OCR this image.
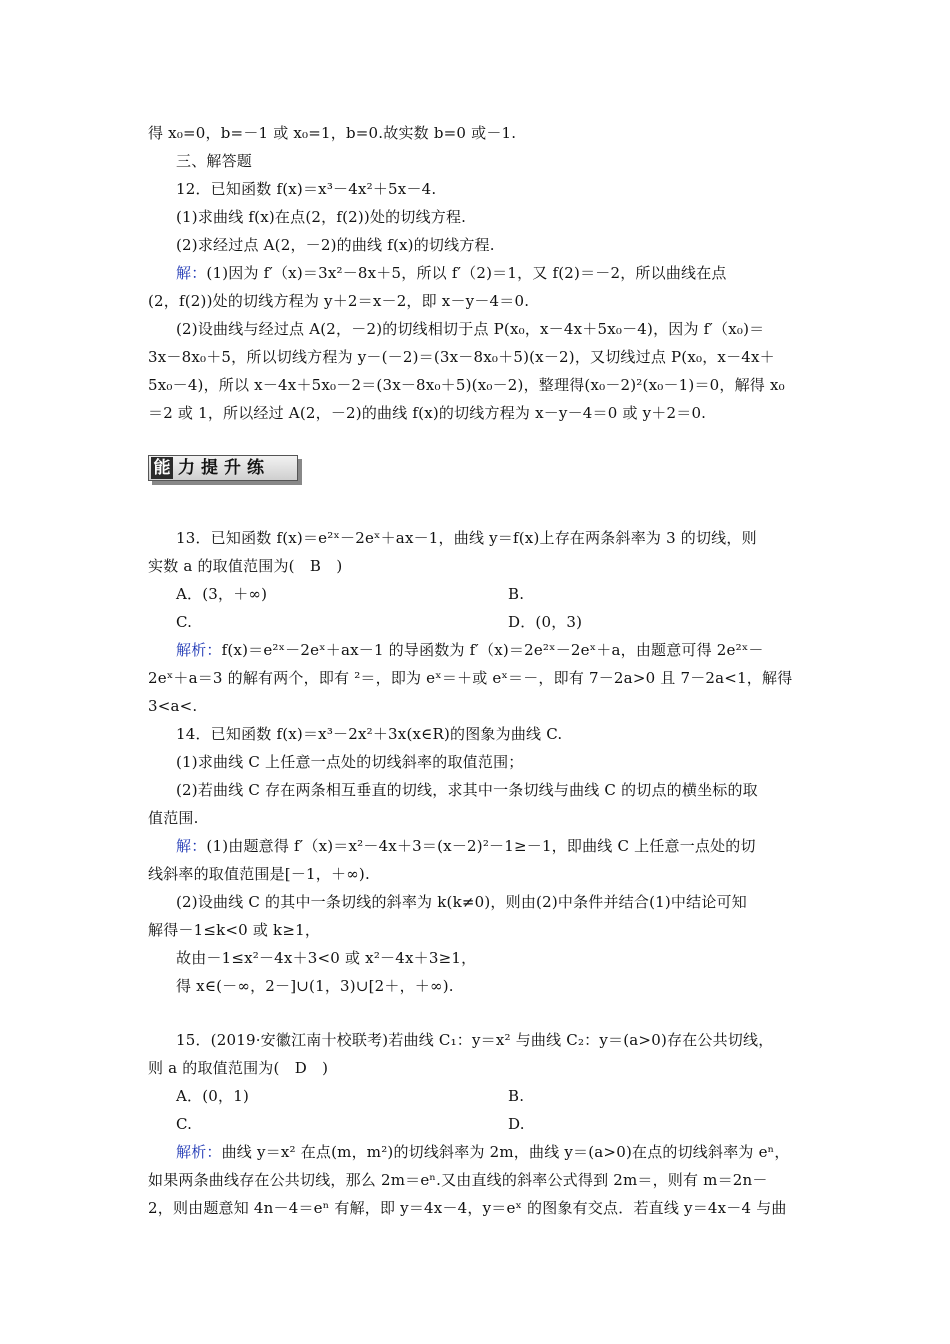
得 x₀=0，b=－1 或 x₀=1，b=0.故实数 b=0 或－1.
三、解答题
12．已知函数 f(x)＝x³－4x²＋5x－4.
(1)求曲线 f(x)在点(2，f(2))处的切线方程.
(2)求经过点 A(2，－2)的曲线 f(x)的切线方程.
解：(1)因为 f′（x)＝3x²－8x＋5，所以 f′（2)＝1，又 f(2)＝－2，所以曲线在点
(2，f(2))处的切线方程为 y＋2＝x－2，即 x－y－4＝0.
(2)设曲线与经过点 A(2，－2)的切线相切于点 P(x₀，x－4x＋5x₀－4)，因为 f′（x₀)＝
3x－8x₀＋5，所以切线方程为 y－(－2)＝(3x－8x₀＋5)(x－2)，又切线过点 P(x₀，x－4x＋
5x₀－4)，所以 x－4x＋5x₀－2＝(3x－8x₀＋5)(x₀－2)，整理得(x₀－2)²(x₀－1)＝0，解得 x₀
＝2 或 1，所以经过 A(2，－2)的曲线 f(x)的切线方程为 x－y－4＝0 或 y＋2＝0.
能 力提升练
13．已知函数 f(x)＝e²ˣ－2eˣ＋ax－1，曲线 y＝f(x)上存在两条斜率为 3 的切线，则
实数 a 的取值范围为(　B　)
A．(3，＋∞)	B.
C.	D．(0，3)
解析：f(x)＝e²ˣ－2eˣ＋ax－1 的导函数为 f′（x)＝2e²ˣ－2eˣ＋a，由题意可得 2e²ˣ－
2eˣ＋a＝3 的解有两个，即有 ²＝，即为 eˣ＝＋或 eˣ＝－，即有 7－2a>0 且 7－2a<1，解得
3<a<.
14．已知函数 f(x)＝x³－2x²＋3x(x∈R)的图象为曲线 C.
(1)求曲线 C 上任意一点处的切线斜率的取值范围；
(2)若曲线 C 存在两条相互垂直的切线，求其中一条切线与曲线 C 的切点的横坐标的取
值范围.
解：(1)由题意得 f′（x)＝x²－4x＋3＝(x－2)²－1≥－1，即曲线 C 上任意一点处的切
线斜率的取值范围是[－1，＋∞).
(2)设曲线 C 的其中一条切线的斜率为 k(k≠0)，则由(2)中条件并结合(1)中结论可知
解得－1≤k<0 或 k≥1，
故由－1≤x²－4x＋3<0 或 x²－4x＋3≥1，
得 x∈(－∞，2－]∪(1，3)∪[2＋，＋∞).
15．(2019·安徽江南十校联考)若曲线 C₁：y＝x² 与曲线 C₂：y＝(a>0)存在公共切线，
则 a 的取值范围为(　D　)
A．(0，1)	B.
C.	D.
解析：曲线 y＝x² 在点(m，m²)的切线斜率为 2m，曲线 y＝(a>0)在点的切线斜率为 eⁿ，
如果两条曲线存在公共切线，那么 2m＝eⁿ.又由直线的斜率公式得到 2m＝，则有 m＝2n－
2，则由题意知 4n－4＝eⁿ 有解，即 y＝4x－4，y＝eˣ 的图象有交点．若直线 y＝4x－4 与曲
